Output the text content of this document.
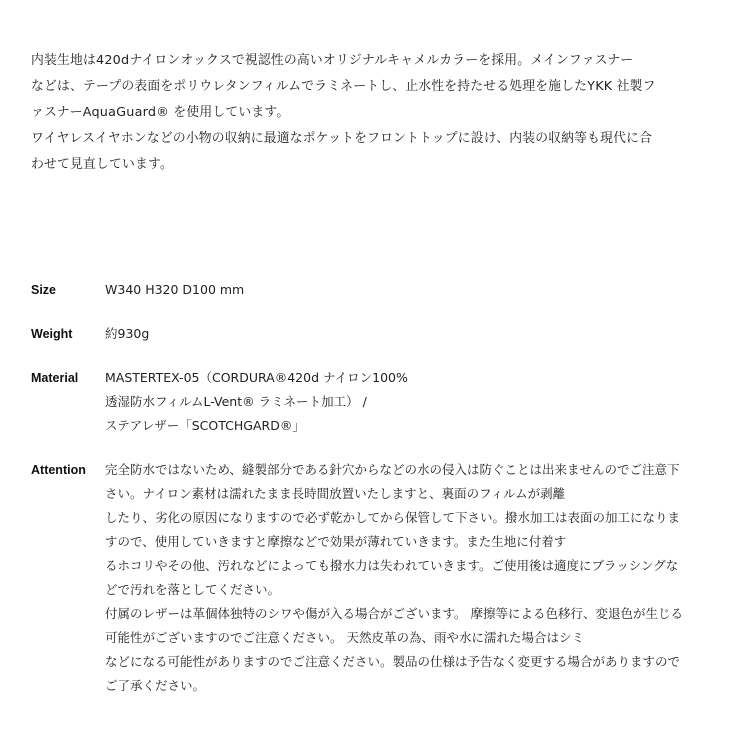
内装生地は420dナイロンオックスで視認性の高いオリジナルキャメルカラーを採用。メインファスナー
などは、テープの表面をポリウレタンフィルムでラミネートし、止水性を持たせる処理を施したYKK 社製フ
ァスナーAquaGuard® を使用しています。
ワイヤレスイヤホンなどの小物の収納に最適なポケットをフロントトップに設け、内装の収納等も現代に合
わせて見直しています。
Size	W340 H320 D100 mm
Weight	約930g
Material	MASTERTEX-05（CORDURA®420d ナイロン100%
透湿防水フィルムL-Vent® ラミネート加工） /
ステアレザー「SCOTCHGARD®」
Attention	完全防水ではないため、縫製部分である針穴からなどの水の侵入は防ぐことは出来ませんのでご注意下
さい。ナイロン素材は濡れたまま長時間放置いたしますと、裏面のフィルムが剥離
したり、劣化の原因になりますので必ず乾かしてから保管して下さい。撥水加工は表面の加工になりま
すので、使用していきますと摩擦などで効果が薄れていきます。また生地に付着す
るホコリやその他、汚れなどによっても撥水力は失われていきます。ご使用後は適度にブラッシングな
どで汚れを落としてください。
付属のレザーは革個体独特のシワや傷が入る場合がございます。 摩擦等による色移行、変退色が生じる
可能性がございますのでご注意ください。 天然皮革の為、雨や水に濡れた場合はシミ
などになる可能性がありますのでご注意ください。製品の仕様は予告なく変更する場合がありますので
ご了承ください。
